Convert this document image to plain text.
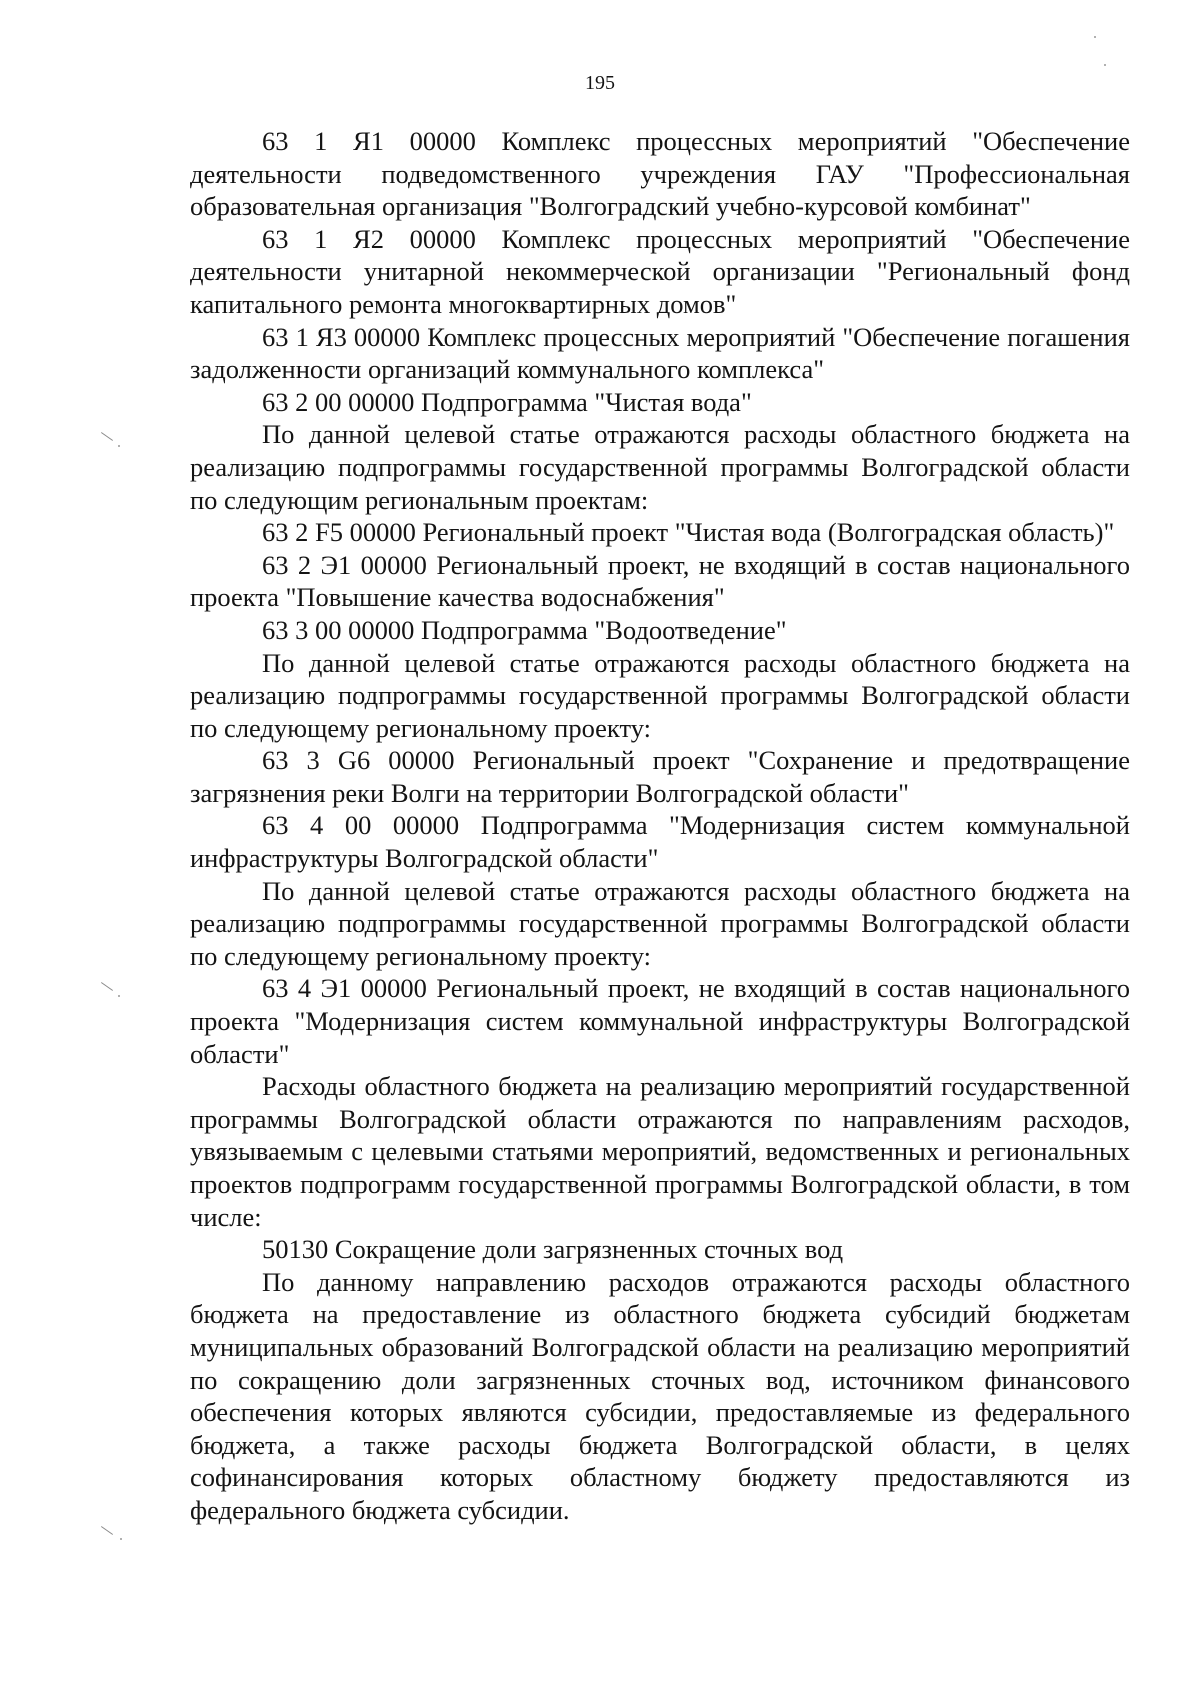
195

63 1 Я1 00000 Комплекс процессных мероприятий "Обеспечение деятельности подведомственного учреждения ГАУ "Профессиональная образовательная организация "Волгоградский учебно-курсовой комбинат"

63 1 Я2 00000 Комплекс процессных мероприятий "Обеспечение деятельности унитарной некоммерческой организации "Региональный фонд капитального ремонта многоквартирных домов"

63 1 Я3 00000 Комплекс процессных мероприятий "Обеспечение погашения задолженности организаций коммунального комплекса"

63 2 00 00000 Подпрограмма "Чистая вода"

По данной целевой статье отражаются расходы областного бюджета на реализацию подпрограммы государственной программы Волгоградской области по следующим региональным проектам:

63 2 F5 00000 Региональный проект "Чистая вода (Волгоградская область)"

63 2 Э1 00000 Региональный проект, не входящий в состав национального проекта "Повышение качества водоснабжения"

63 3 00 00000 Подпрограмма "Водоотведение"

По данной целевой статье отражаются расходы областного бюджета на реализацию подпрограммы государственной программы Волгоградской области по следующему региональному проекту:

63 3 G6 00000 Региональный проект "Сохранение и предотвращение загрязнения реки Волги на территории Волгоградской области"

63 4 00 00000 Подпрограмма "Модернизация систем коммунальной инфраструктуры Волгоградской области"

По данной целевой статье отражаются расходы областного бюджета на реализацию подпрограммы государственной программы Волгоградской области по следующему региональному проекту:

63 4 Э1 00000 Региональный проект, не входящий в состав национального проекта "Модернизация систем коммунальной инфраструктуры Волгоградской области"

Расходы областного бюджета на реализацию мероприятий государственной программы Волгоградской области отражаются по направлениям расходов, увязываемым с целевыми статьями мероприятий, ведомственных и региональных проектов подпрограмм государственной программы Волгоградской области, в том числе:

50130 Сокращение доли загрязненных сточных вод

По данному направлению расходов отражаются расходы областного бюджета на предоставление из областного бюджета субсидий бюджетам муниципальных образований Волгоградской области на реализацию мероприятий по сокращению доли загрязненных сточных вод, источником финансового обеспечения которых являются субсидии, предоставляемые из федерального бюджета, а также расходы бюджета Волгоградской области, в целях софинансирования которых областному бюджету предоставляются из федерального бюджета субсидии.
